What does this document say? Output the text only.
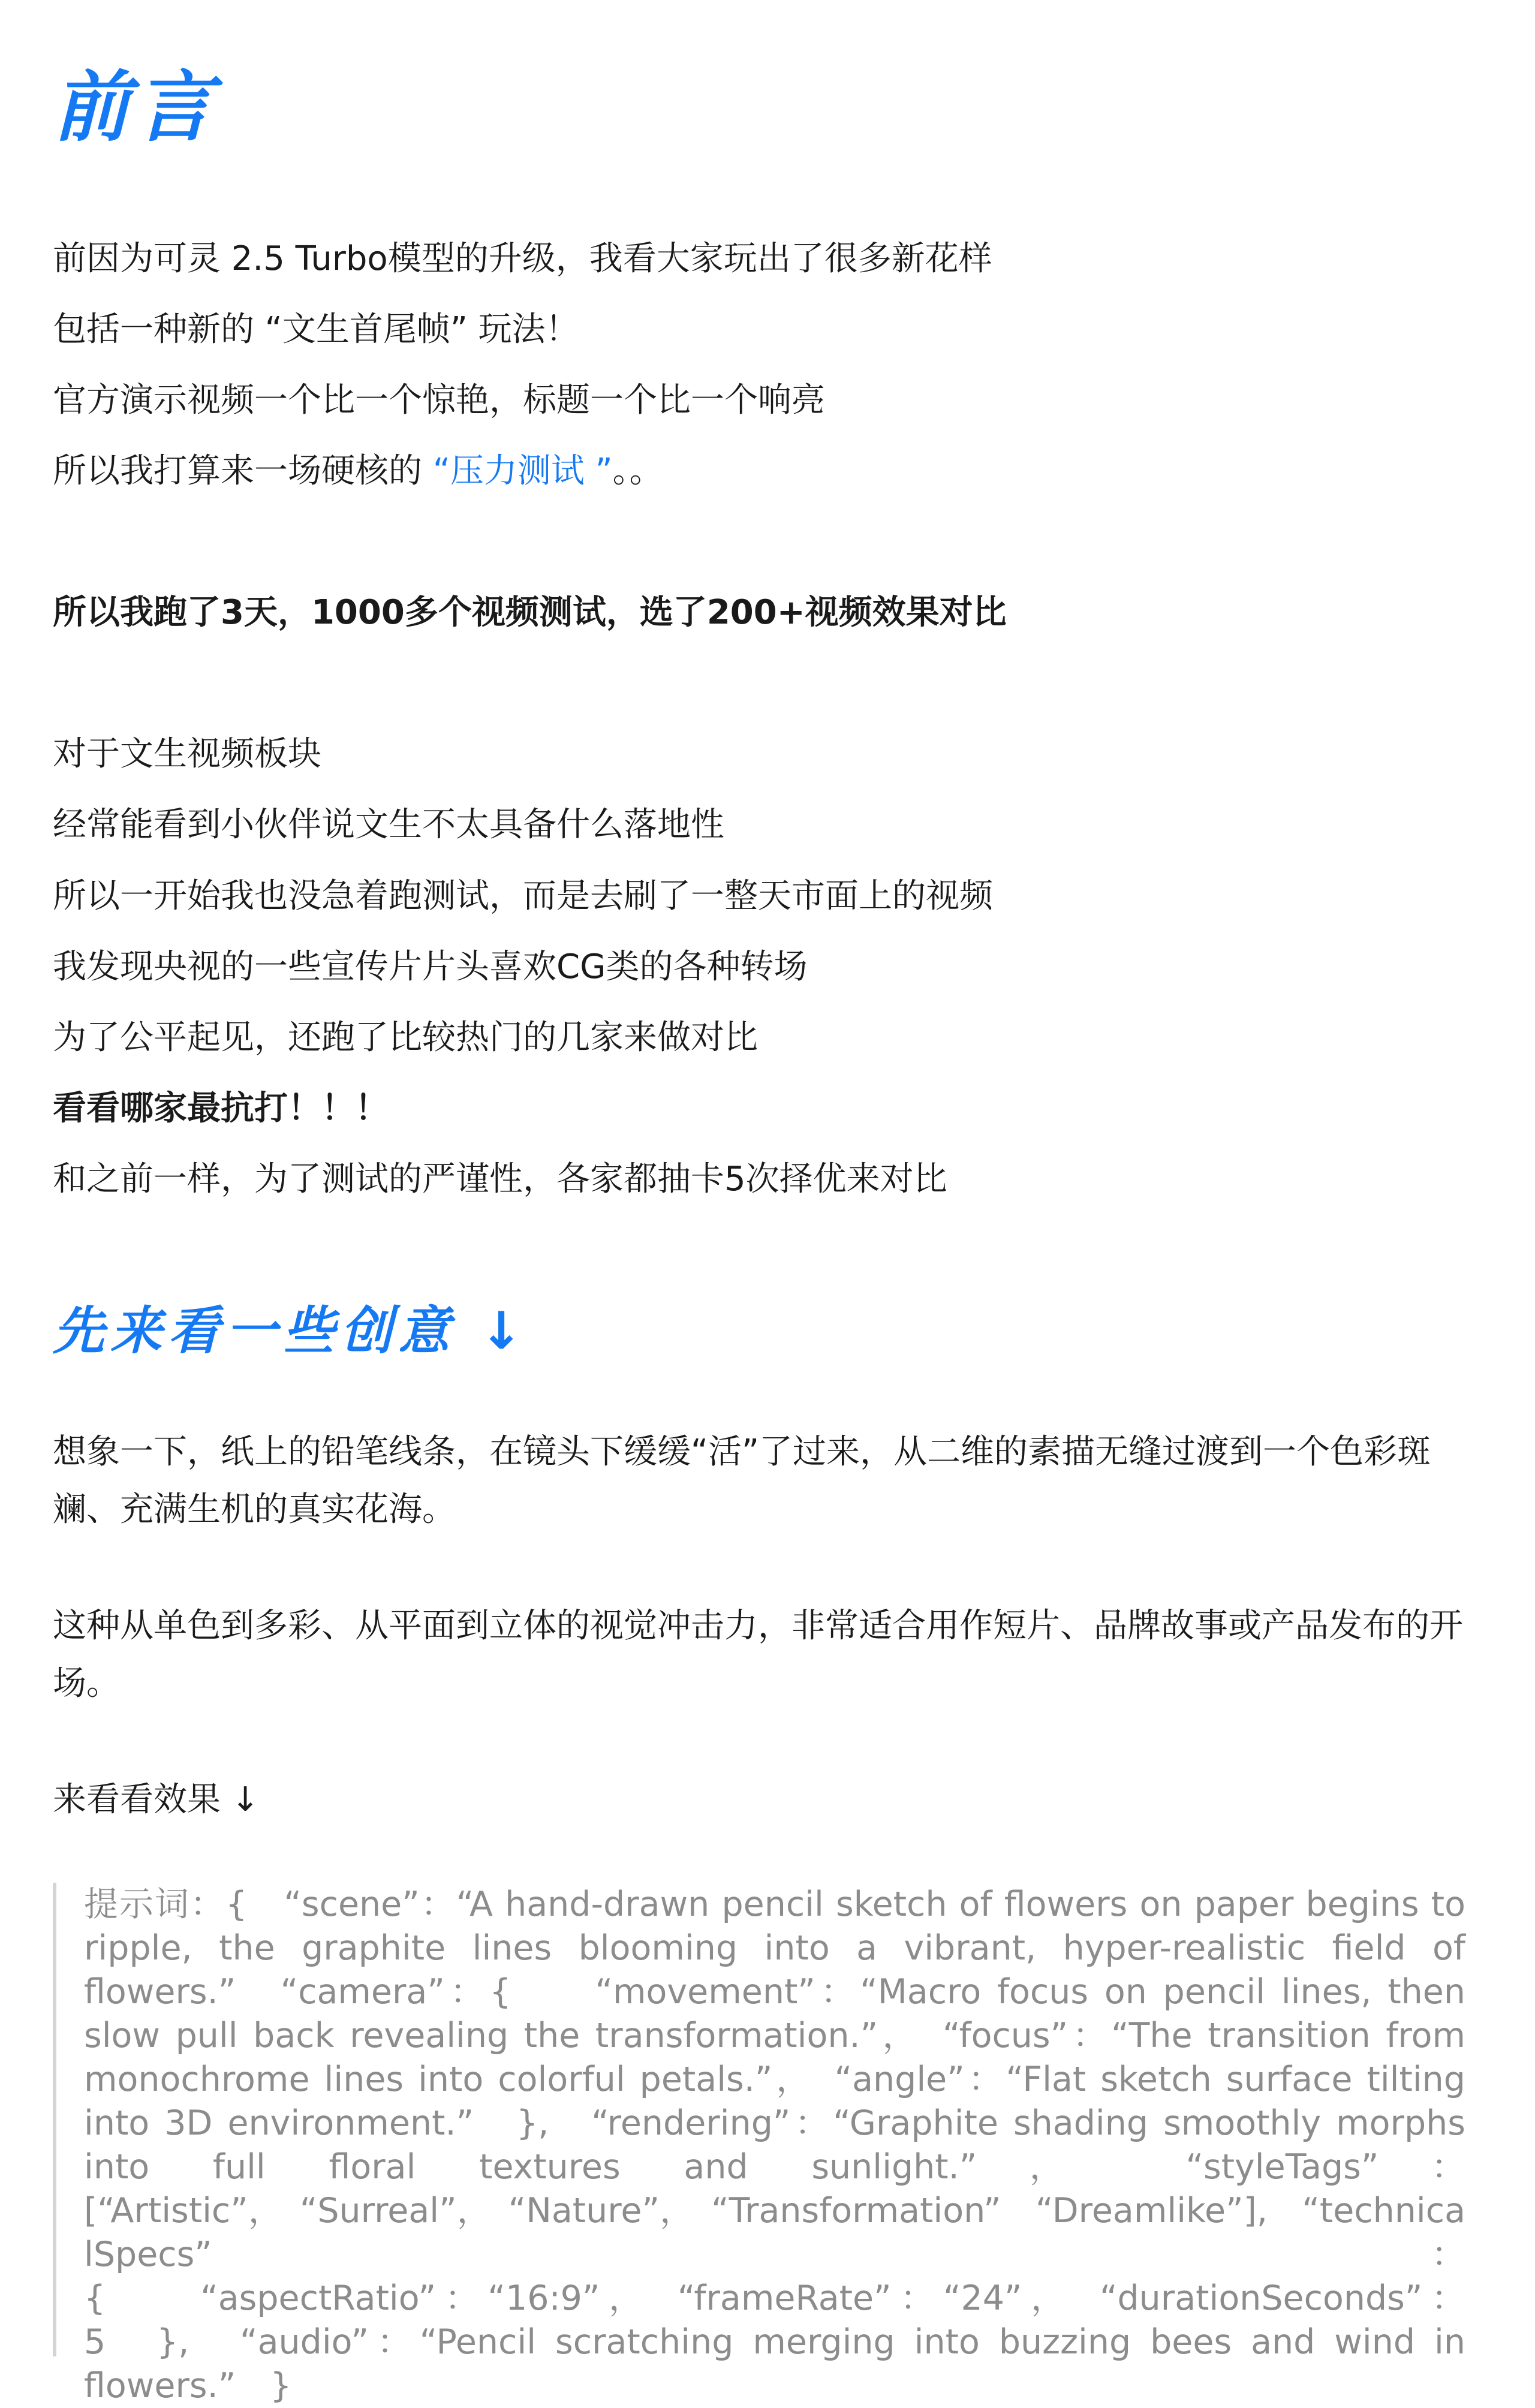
前言

前因为可灵 2.5 Turbo模型的升级，我看大家玩出了很多新花样

包括一种新的 “文生首尾帧” 玩法！

官方演示视频一个比一个惊艳，标题一个比一个响亮

所以我打算来一场硬核的 “压力测试 ”。。

所以我跑了3天，1000多个视频测试，选了200+视频效果对比

对于文生视频板块

经常能看到小伙伴说文生不太具备什么落地性

所以一开始我也没急着跑测试，而是去刷了一整天市面上的视频

我发现央视的一些宣传片片头喜欢CG类的各种转场

为了公平起见，还跑了比较热门的几家来做对比

看看哪家最抗打！！！

和之前一样，为了测试的严谨性，各家都抽卡5次择优来对比

先来看一些创意 ↓

想象一下，纸上的铅笔线条，在镜头下缓缓“活”了过来，从二维的素描无缝过渡到一个色彩斑斓、充满生机的真实花海。

这种从单色到多彩、从平面到立体的视觉冲击力，非常适合用作短片、品牌故事或产品发布的开场。

来看看效果 ↓

提示词：{　“scene”：“A hand-drawn pencil sketch of flowers on paper begins to ripple, the graphite lines blooming into a vibrant, hyper-realistic field of flowers.”　“camera”：{　　“movement”：“Macro focus on pencil lines, then slow pull back revealing the transformation.”，　“focus”：“The transition from monochrome lines into colorful petals.”，　“angle”：“Flat sketch surface tilting into 3D environment.”　},　“rendering”：“Graphite shading smoothly morphs into full floral textures and sunlight.”，　“styleTags”：[“Artistic”，　“Surreal”，　“Nature”，　“Transformation”　“Dreamlike”],　“technicalSpecs”：{　　“aspectRatio”：“16:9”，　“frameRate”：“24”，　“durationSeconds”：5　},　“audio”：“Pencil scratching merging into buzzing bees and wind in flowers.”　}
